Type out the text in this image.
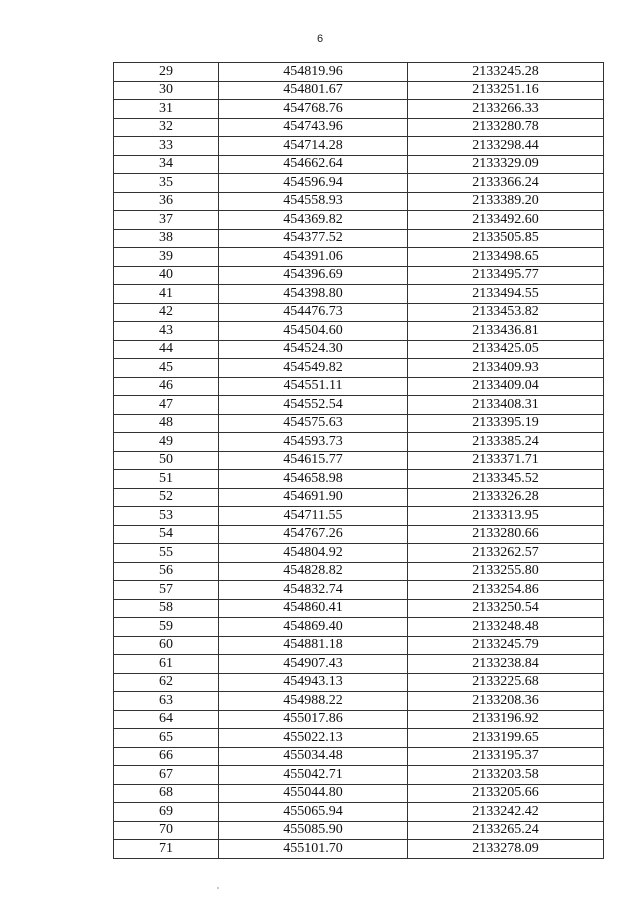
6
29	454819.96	2133245.28
30	454801.67	2133251.16
31	454768.76	2133266.33
32	454743.96	2133280.78
33	454714.28	2133298.44
34	454662.64	2133329.09
35	454596.94	2133366.24
36	454558.93	2133389.20
37	454369.82	2133492.60
38	454377.52	2133505.85
39	454391.06	2133498.65
40	454396.69	2133495.77
41	454398.80	2133494.55
42	454476.73	2133453.82
43	454504.60	2133436.81
44	454524.30	2133425.05
45	454549.82	2133409.93
46	454551.11	2133409.04
47	454552.54	2133408.31
48	454575.63	2133395.19
49	454593.73	2133385.24
50	454615.77	2133371.71
51	454658.98	2133345.52
52	454691.90	2133326.28
53	454711.55	2133313.95
54	454767.26	2133280.66
55	454804.92	2133262.57
56	454828.82	2133255.80
57	454832.74	2133254.86
58	454860.41	2133250.54
59	454869.40	2133248.48
60	454881.18	2133245.79
61	454907.43	2133238.84
62	454943.13	2133225.68
63	454988.22	2133208.36
64	455017.86	2133196.92
65	455022.13	2133199.65
66	455034.48	2133195.37
67	455042.71	2133203.58
68	455044.80	2133205.66
69	455065.94	2133242.42
70	455085.90	2133265.24
71	455101.70	2133278.09
